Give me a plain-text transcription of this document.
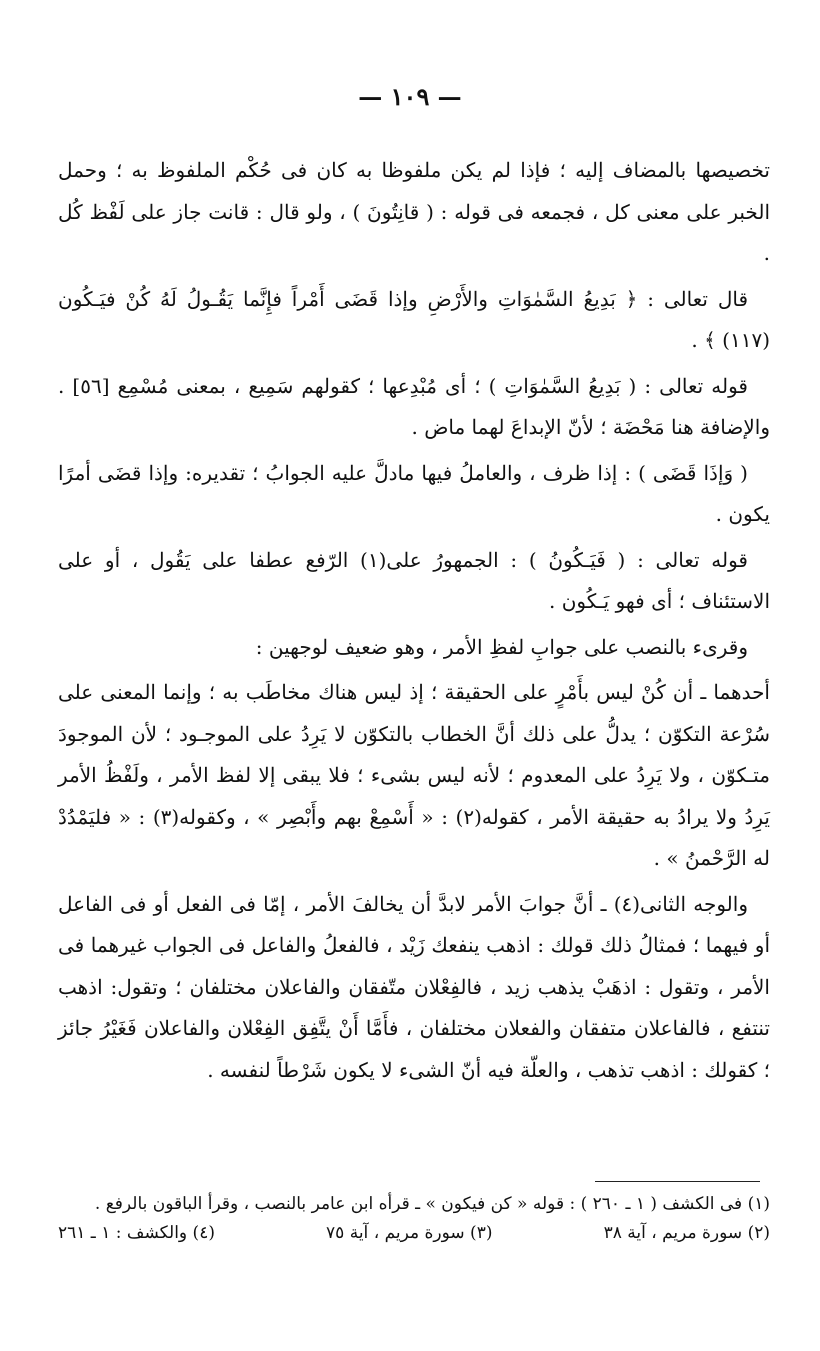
— ١٠٩ —

تخصيصها بالمضاف إليه ؛ فإذا لم يكن ملفوظا به كان فى حُكْم الملفوظ به ؛ وحمل الخبر على معنى كل ، فجمعه فى قوله : ( قانِتُونَ ) ، ولو قال : قانت جاز على لَفْظ كُل .

قال تعالى : ﴿ بَدِيعُ السَّمٰوَاتِ والأَرْضِ وإذا قَضَى أَمْراً فإِنَّما يَقُـولُ لَهُ كُنْ فيَـكُون (١١٧) ﴾ .

قوله تعالى : ( بَدِيعُ السَّمٰوَاتِ ) ؛ أى مُبْدِعها ؛ كقولهم سَمِيع ، بمعنى مُسْمِع [٥٦] . والإضافة هنا مَحْضَة ؛ لأنّ الإبداعَ لهما ماض .

( وَإذَا قَضَى ) : إذا ظرف ، والعاملُ فيها مادلَّ عليه الجوابُ ؛ تقديره: وإذا قضَى أمرًا يكون .

قوله تعالى : ( فَيَـكُونُ ) : الجمهورُ على(١) الرّفع عطفا على يَقُول ، أو على الاستئناف ؛ أى فهو يَـكُون .

وقرىء بالنصب على جوابِ لفظِ الأمر ، وهو ضعيف لوجهين :

أحدهما ـ أن كُنْ ليس بأَمْرٍ على الحقيقة ؛ إذ ليس هناك مخاطَب به ؛ وإنما المعنى على سُرْعة التكوّن ؛ يدلُّ على ذلك أنَّ الخطاب بالتكوّن لا يَرِدُ على الموجـود ؛ لأن الموجودَ متـكوّن ، ولا يَرِدُ على المعدوم ؛ لأنه ليس بشىء ؛ فلا يبقى إلا لفظ الأمر ، ولَفْظُ الأمر يَرِدُ ولا يرادُ به حقيقة الأمر ، كقوله(٢) : « أَسْمِعْ بهم وأَبْصِر » ، وكقوله(٣) : « فليَمْدُدْ له الرَّحْمنُ » .

والوجه الثانى(٤) ـ أنَّ جوابَ الأمر لابدَّ أن يخالفَ الأمر ، إمّا فى الفعل أو فى الفاعل أو فيهما ؛ فمثالُ ذلك قولك : اذهب ينفعك زَيْد ، فالفعلُ والفاعل فى الجواب غيرهما فى الأمر ، وتقول : اذهَبْ يذهب زيد ، فالفِعْلان متّفقان والفاعلان مختلفان ؛ وتقول: اذهب تنتفع ، فالفاعلان متفقان والفعلان مختلفان ، فأَمَّا أَنْ يتَّفِق الفِعْلان والفاعلان فَغَيْرُ جائز ؛ كقولك : اذهب تذهب ، والعلّة فيه أنّ الشىء لا يكون شَرْطاً لنفسه .

(١) فى الكشف ( ١ ـ ٢٦٠ ) : قوله « كن فيكون » ـ قرأه ابن عامر بالنصب ، وقرأ الباقون بالرفع .

(٢) سورة مريم ، آية ٣٨
(٣) سورة مريم ، آية ٧٥
(٤) والكشف : ١ ـ ٢٦١
